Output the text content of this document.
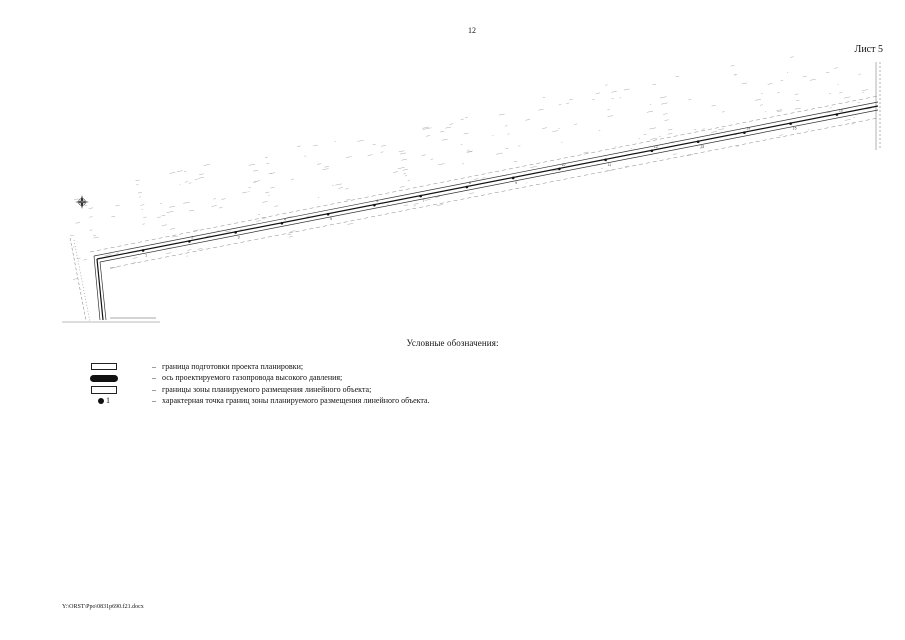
12
Лист 5
1
2	3
4	5
6	7
8	9
10	11
12	13
14	15
16
Условные обозначения:
– граница подготовки проекта планировки;
– ось проектируемого газопровода высокого давления;
– границы зоны планируемого размещения линейного объекта;
1	– характерная точка границ зоны планируемого размещения линейного объекта.
Y:\ORST\Ppo\0831p690.f21.docx
